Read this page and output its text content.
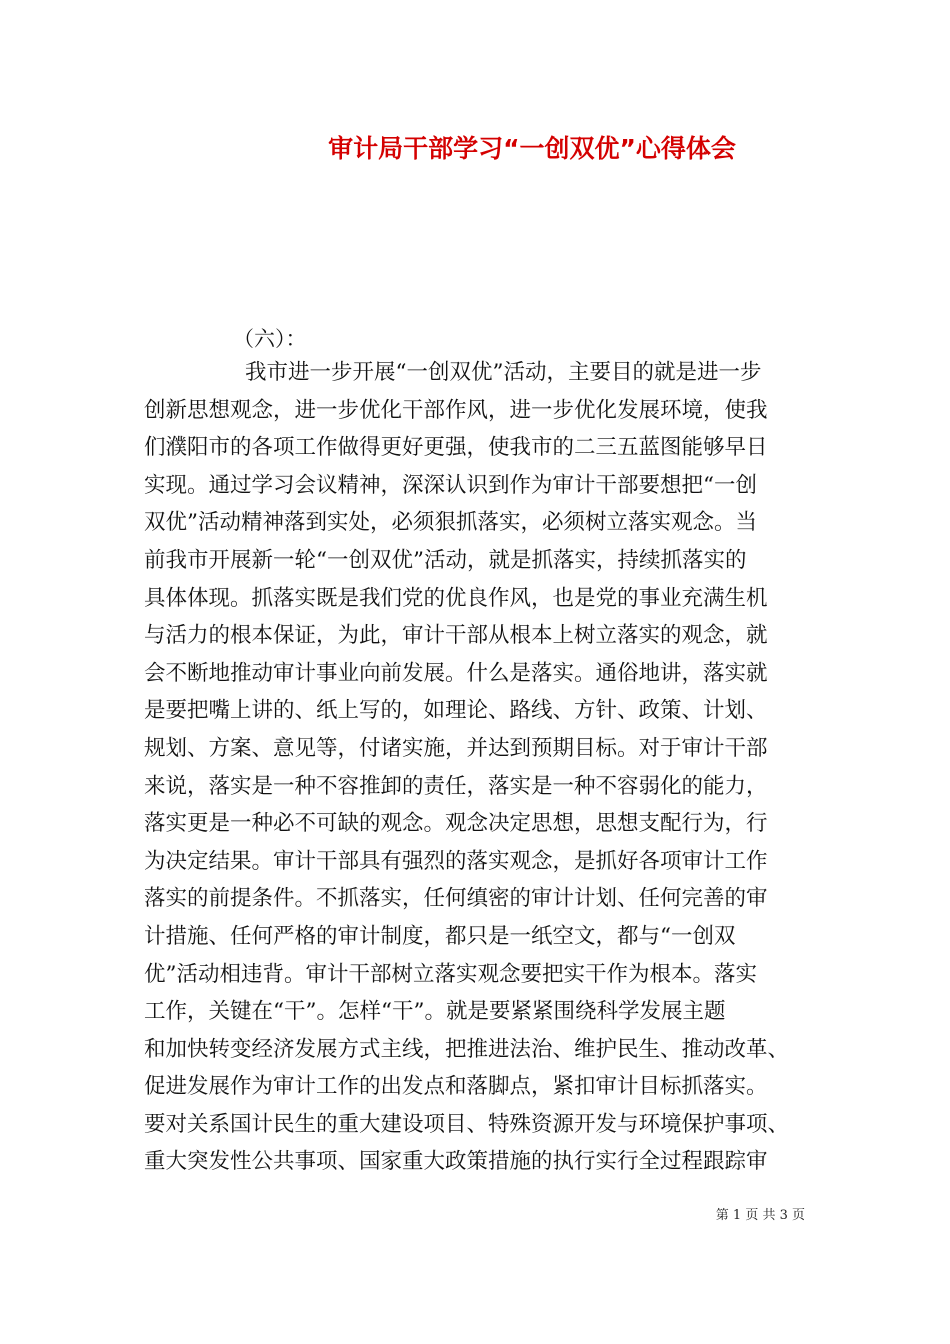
审计局干部学习“一创双优”心得体会
（六）：
我市进一步开展“一创双优”活动，主要目的就是进一步
创新思想观念，进一步优化干部作风，进一步优化发展环境，使我
们濮阳市的各项工作做得更好更强，使我市的二三五蓝图能够早日
实现。通过学习会议精神，深深认识到作为审计干部要想把“一创
双优”活动精神落到实处，必须狠抓落实，必须树立落实观念。当
前我市开展新一轮“一创双优”活动，就是抓落实，持续抓落实的
具体体现。抓落实既是我们党的优良作风，也是党的事业充满生机
与活力的根本保证，为此，审计干部从根本上树立落实的观念，就
会不断地推动审计事业向前发展。什么是落实。通俗地讲，落实就
是要把嘴上讲的、纸上写的，如理论、路线、方针、政策、计划、
规划、方案、意见等，付诸实施，并达到预期目标。对于审计干部
来说，落实是一种不容推卸的责任，落实是一种不容弱化的能力，
落实更是一种必不可缺的观念。观念决定思想，思想支配行为，行
为决定结果。审计干部具有强烈的落实观念，是抓好各项审计工作
落实的前提条件。不抓落实，任何缜密的审计计划、任何完善的审
计措施、任何严格的审计制度，都只是一纸空文，都与“一创双
优”活动相违背。审计干部树立落实观念要把实干作为根本。落实
工作，关键在“干”。怎样“干”。就是要紧紧围绕科学发展主题
和加快转变经济发展方式主线，把推进法治、维护民生、推动改革、
促进发展作为审计工作的出发点和落脚点，紧扣审计目标抓落实。
要对关系国计民生的重大建设项目、特殊资源开发与环境保护事项、
重大突发性公共事项、国家重大政策措施的执行实行全过程跟踪审
第 1 页 共 3 页
